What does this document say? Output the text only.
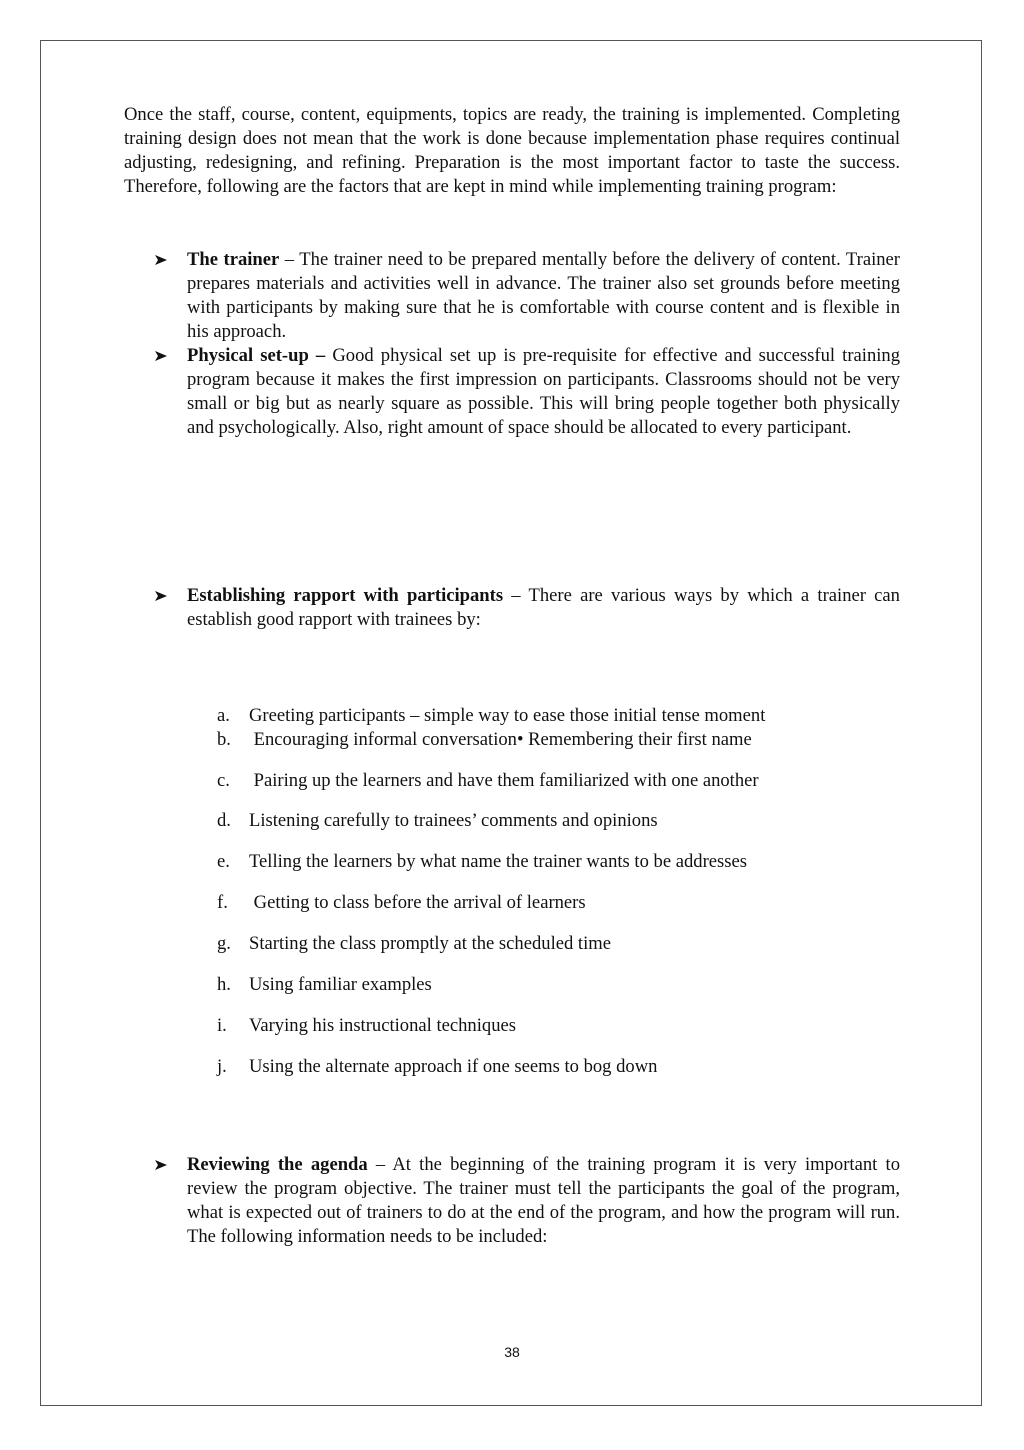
Once the staff, course, content, equipments, topics are ready, the training is implemented. Completing training design does not mean that the work is done because implementation phase requires continual adjusting, redesigning, and refining. Preparation is the most important factor to taste the success. Therefore, following are the factors that are kept in mind while implementing training program:
The trainer – The trainer need to be prepared mentally before the delivery of content. Trainer prepares materials and activities well in advance. The trainer also set grounds before meeting with participants by making sure that he is comfortable with course content and is flexible in his approach.
Physical set-up – Good physical set up is pre-requisite for effective and successful training program because it makes the first impression on participants. Classrooms should not be very small or big but as nearly square as possible. This will bring people together both physically and psychologically. Also, right amount of space should be allocated to every participant.
Establishing rapport with participants – There are various ways by which a trainer can establish good rapport with trainees by:
a. Greeting participants – simple way to ease those initial tense moment
b. Encouraging informal conversation• Remembering their first name
c. Pairing up the learners and have them familiarized with one another
d. Listening carefully to trainees’ comments and opinions
e. Telling the learners by what name the trainer wants to be addresses
f. Getting to class before the arrival of learners
g. Starting the class promptly at the scheduled time
h. Using familiar examples
i. Varying his instructional techniques
j. Using the alternate approach if one seems to bog down
Reviewing the agenda – At the beginning of the training program it is very important to review the program objective. The trainer must tell the participants the goal of the program, what is expected out of trainers to do at the end of the program, and how the program will run. The following information needs to be included:
38
